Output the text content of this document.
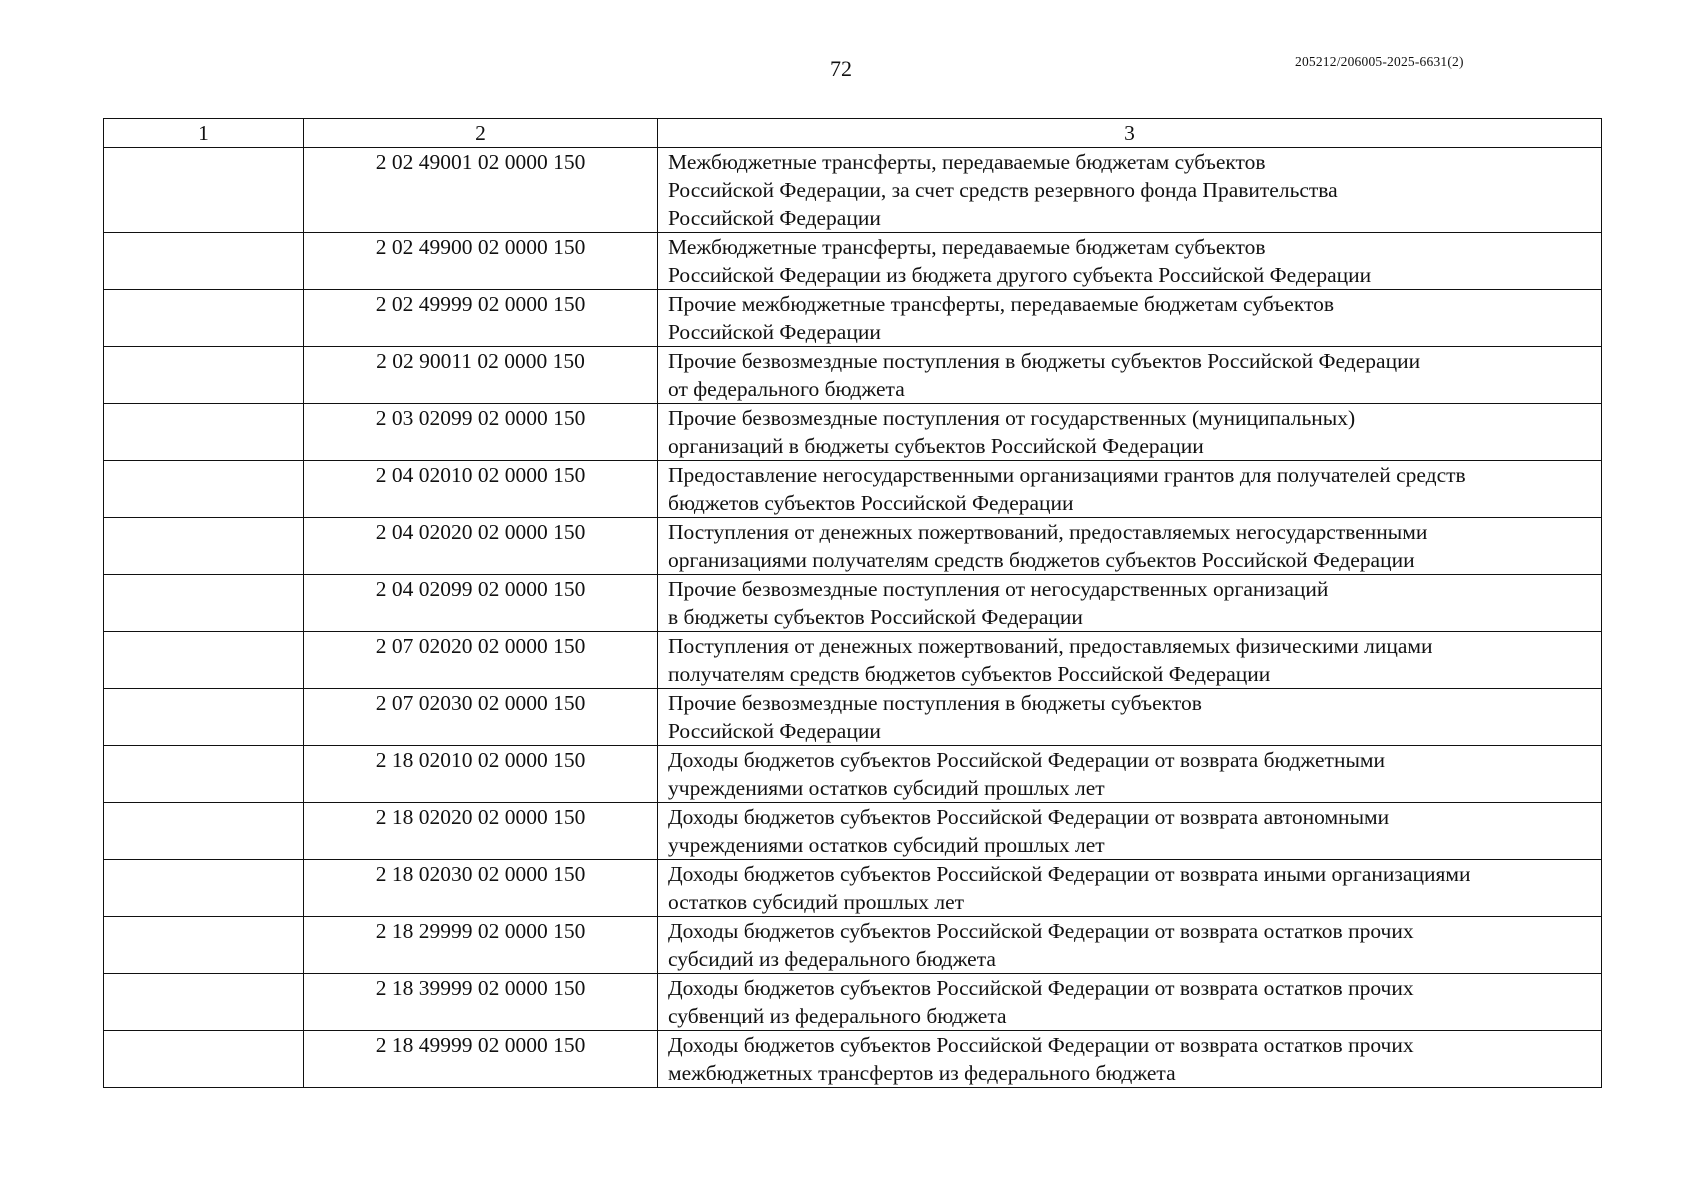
72	205212/206005-2025-6631(2)
1	2	3
	2 02 49001 02 0000 150	Межбюджетные трансферты, передаваемые бюджетам субъектов
Российской Федерации, за счет средств резервного фонда Правительства
Российской Федерации

	2 02 49900 02 0000 150	Межбюджетные трансферты, передаваемые бюджетам субъектов
Российской Федерации из бюджета другого субъекта Российской Федерации

	2 02 49999 02 0000 150	Прочие межбюджетные трансферты, передаваемые бюджетам субъектов
Российской Федерации

	2 02 90011 02 0000 150	Прочие безвозмездные поступления в бюджеты субъектов Российской Федерации
от федерального бюджета

	2 03 02099 02 0000 150	Прочие безвозмездные поступления от государственных (муниципальных)
организаций в бюджеты субъектов Российской Федерации

	2 04 02010 02 0000 150	Предоставление негосударственными организациями грантов для получателей средств
бюджетов субъектов Российской Федерации

	2 04 02020 02 0000 150	Поступления от денежных пожертвований, предоставляемых негосударственными
организациями получателям средств бюджетов субъектов Российской Федерации

	2 04 02099 02 0000 150	Прочие безвозмездные поступления от негосударственных организаций
в бюджеты субъектов Российской Федерации

	2 07 02020 02 0000 150	Поступления от денежных пожертвований, предоставляемых физическими лицами
получателям средств бюджетов субъектов Российской Федерации

	2 07 02030 02 0000 150	Прочие безвозмездные поступления в бюджеты субъектов
Российской Федерации

	2 18 02010 02 0000 150	Доходы бюджетов субъектов Российской Федерации от возврата бюджетными
учреждениями остатков субсидий прошлых лет

	2 18 02020 02 0000 150	Доходы бюджетов субъектов Российской Федерации от возврата автономными
учреждениями остатков субсидий прошлых лет

	2 18 02030 02 0000 150	Доходы бюджетов субъектов Российской Федерации от возврата иными организациями
остатков субсидий прошлых лет

	2 18 29999 02 0000 150	Доходы бюджетов субъектов Российской Федерации от возврата остатков прочих
субсидий из федерального бюджета

	2 18 39999 02 0000 150	Доходы бюджетов субъектов Российской Федерации от возврата остатков прочих
субвенций из федерального бюджета

	2 18 49999 02 0000 150	Доходы бюджетов субъектов Российской Федерации от возврата остатков прочих
межбюджетных трансфертов из федерального бюджета
